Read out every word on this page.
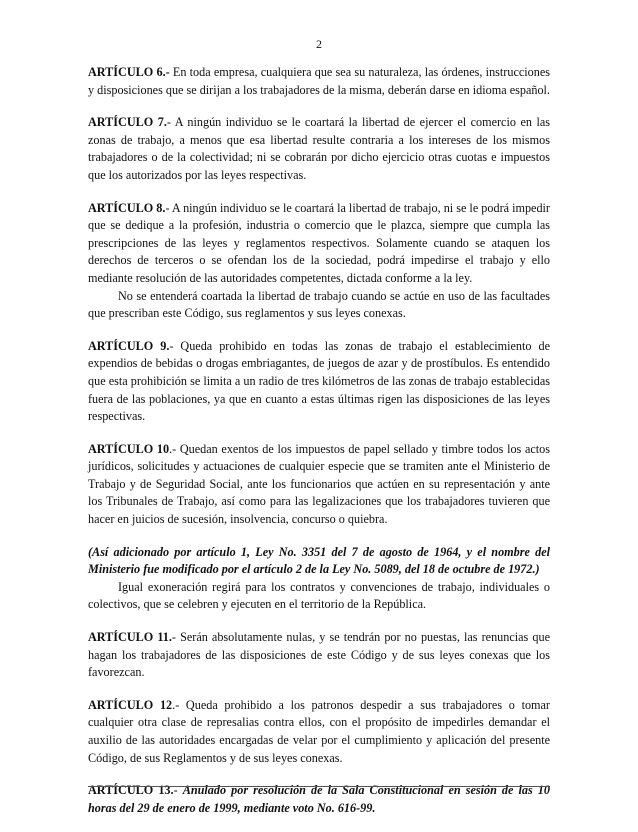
2

ARTÍCULO 6.- En toda empresa, cualquiera que sea su naturaleza, las órdenes, instrucciones y disposiciones que se dirijan a los trabajadores de la misma, deberán darse en idioma español.

ARTÍCULO 7.- A ningún individuo se le coartará la libertad de ejercer el comercio en las zonas de trabajo, a menos que esa libertad resulte contraria a los intereses de los mismos trabajadores o de la colectividad; ni se cobrarán por dicho ejercicio otras cuotas e impuestos que los autorizados por las leyes respectivas.

ARTÍCULO 8.- A ningún individuo se le coartará la libertad de trabajo, ni se le podrá impedir que se dedique a la profesión, industria o comercio que le plazca, siempre que cumpla las prescripciones de las leyes y reglamentos respectivos. Solamente cuando se ataquen los derechos de terceros o se ofendan los de la sociedad, podrá impedirse el trabajo y ello mediante resolución de las autoridades competentes, dictada conforme a la ley.

No se entenderá coartada la libertad de trabajo cuando se actúe en uso de las facultades que prescriban este Código, sus reglamentos y sus leyes conexas.

ARTÍCULO 9.- Queda prohibido en todas las zonas de trabajo el establecimiento de expendios de bebidas o drogas embriagantes, de juegos de azar y de prostíbulos. Es entendido que esta prohibición se limita a un radio de tres kilómetros de las zonas de trabajo establecidas fuera de las poblaciones, ya que en cuanto a estas últimas rigen las disposiciones de las leyes respectivas.

ARTÍCULO 10.- Quedan exentos de los impuestos de papel sellado y timbre todos los actos jurídicos, solicitudes y actuaciones de cualquier especie que se tramiten ante el Ministerio de Trabajo y de Seguridad Social, ante los funcionarios que actúen en su representación y ante los Tribunales de Trabajo, así como para las legalizaciones que los trabajadores tuvieren que hacer en juicios de sucesión, insolvencia, concurso o quiebra.

(Así adicionado por artículo 1, Ley No. 3351 del 7 de agosto de 1964, y el nombre del Ministerio fue modificado por el artículo 2 de la Ley No. 5089, del 18 de octubre de 1972.)

Igual exoneración regirá para los contratos y convenciones de trabajo, individuales o colectivos, que se celebren y ejecuten en el territorio de la República.

ARTÍCULO 11.- Serán absolutamente nulas, y se tendrán por no puestas, las renuncias que hagan los trabajadores de las disposiciones de este Código y de sus leyes conexas que los favorezcan.

ARTÍCULO 12.- Queda prohibido a los patronos despedir a sus trabajadores o tomar cualquier otra clase de represalias contra ellos, con el propósito de impedirles demandar el auxilio de las autoridades encargadas de velar por el cumplimiento y aplicación del presente Código, de sus Reglamentos y de sus leyes conexas.

ARTÍCULO 13.- Anulado por resolución de la Sala Constitucional en sesión de las 10 horas del 29 de enero de 1999, mediante voto No. 616-99.
